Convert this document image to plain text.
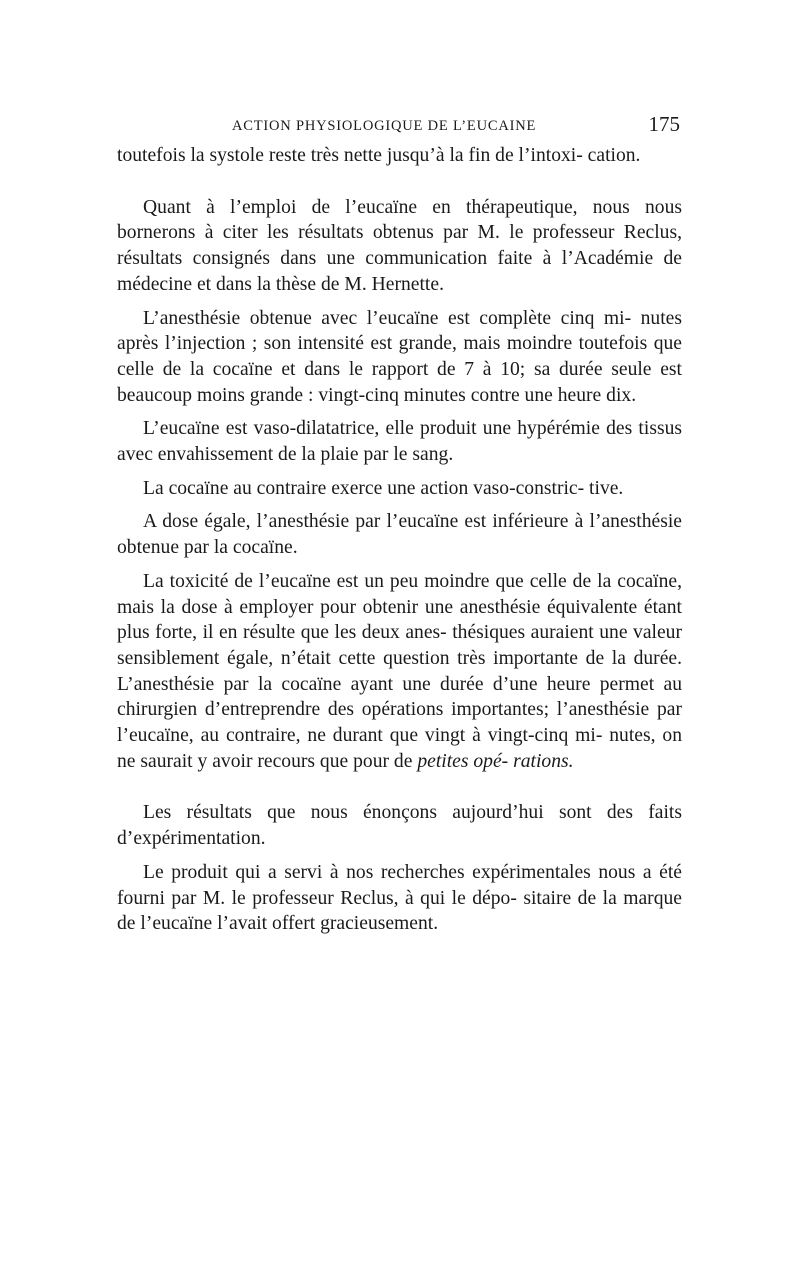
ACTION PHYSIOLOGIQUE DE L’EUCAINE	175

toutefois la systole reste très nette jusqu’à la fin de l’intoxi- cation.

Quant à l’emploi de l’eucaïne en thérapeutique, nous nous bornerons à citer les résultats obtenus par M. le professeur Reclus, résultats consignés dans une communication faite à l’Académie de médecine et dans la thèse de M. Hernette.

L’anesthésie obtenue avec l’eucaïne est complète cinq mi- nutes après l’injection ; son intensité est grande, mais moindre toutefois que celle de la cocaïne et dans le rapport de 7 à 10; sa durée seule est beaucoup moins grande : vingt-cinq minutes contre une heure dix.

L’eucaïne est vaso-dilatatrice, elle produit une hypérémie des tissus avec envahissement de la plaie par le sang.

La cocaïne au contraire exerce une action vaso-constric- tive.

A dose égale, l’anesthésie par l’eucaïne est inférieure à l’anesthésie obtenue par la cocaïne.

La toxicité de l’eucaïne est un peu moindre que celle de la cocaïne, mais la dose à employer pour obtenir une anesthésie équivalente étant plus forte, il en résulte que les deux anes- thésiques auraient une valeur sensiblement égale, n’était cette question très importante de la durée. L’anesthésie par la cocaïne ayant une durée d’une heure permet au chirurgien d’entreprendre des opérations importantes; l’anesthésie par l’eucaïne, au contraire, ne durant que vingt à vingt-cinq mi- nutes, on ne saurait y avoir recours que pour de petites opé- rations.

Les résultats que nous énonçons aujourd’hui sont des faits d’expérimentation.

Le produit qui a servi à nos recherches expérimentales nous a été fourni par M. le professeur Reclus, à qui le dépo- sitaire de la marque de l’eucaïne l’avait offert gracieusement.
